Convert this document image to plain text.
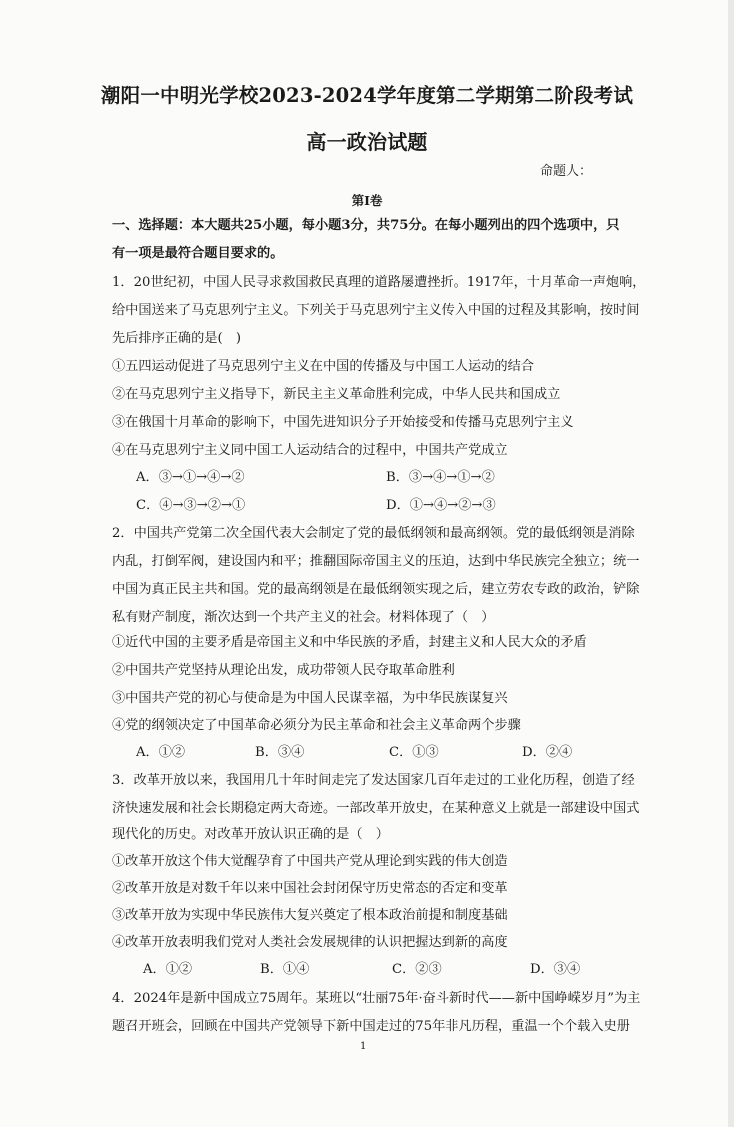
潮阳一中明光学校2023-2024学年度第二学期第二阶段考试
高一政治试题
命题人：
第Ⅰ卷
一、选择题：本大题共25小题，每小题3分，共75分。在每小题列出的四个选项中，只
有一项是最符合题目要求的。
1．20世纪初，中国人民寻求救国救民真理的道路屡遭挫折。1917年，十月革命一声炮响，
给中国送来了马克思列宁主义。下列关于马克思列宁主义传入中国的过程及其影响，按时间
先后排序正确的是(　)
①五四运动促进了马克思列宁主义在中国的传播及与中国工人运动的结合
②在马克思列宁主义指导下，新民主主义革命胜利完成，中华人民共和国成立
③在俄国十月革命的影响下，中国先进知识分子开始接受和传播马克思列宁主义
④在马克思列宁主义同中国工人运动结合的过程中，中国共产党成立
A．③→①→④→②	B．③→④→①→②
C．④→③→②→①	D．①→④→②→③
2．中国共产党第二次全国代表大会制定了党的最低纲领和最高纲领。党的最低纲领是消除
内乱，打倒军阀，建设国内和平；推翻国际帝国主义的压迫，达到中华民族完全独立；统一
中国为真正民主共和国。党的最高纲领是在最低纲领实现之后，建立劳农专政的政治，铲除
私有财产制度，渐次达到一个共产主义的社会。材料体现了（　）
①近代中国的主要矛盾是帝国主义和中华民族的矛盾，封建主义和人民大众的矛盾
②中国共产党坚持从理论出发，成功带领人民夺取革命胜利
③中国共产党的初心与使命是为中国人民谋幸福，为中华民族谋复兴
④党的纲领决定了中国革命必须分为民主革命和社会主义革命两个步骤
A．①②	B．③④	C．①③	D．②④
3．改革开放以来，我国用几十年时间走完了发达国家几百年走过的工业化历程，创造了经
济快速发展和社会长期稳定两大奇迹。一部改革开放史，在某种意义上就是一部建设中国式
现代化的历史。对改革开放认识正确的是（　）
①改革开放这个伟大觉醒孕育了中国共产党从理论到实践的伟大创造
②改革开放是对数千年以来中国社会封闭保守历史常态的否定和变革
③改革开放为实现中华民族伟大复兴奠定了根本政治前提和制度基础
④改革开放表明我们党对人类社会发展规律的认识把握达到新的高度
A．①②	B．①④	C．②③	D．③④
4．2024年是新中国成立75周年。某班以“壮丽75年·奋斗新时代——新中国峥嵘岁月”为主
题召开班会，回顾在中国共产党领导下新中国走过的75年非凡历程，重温一个个载入史册
1
